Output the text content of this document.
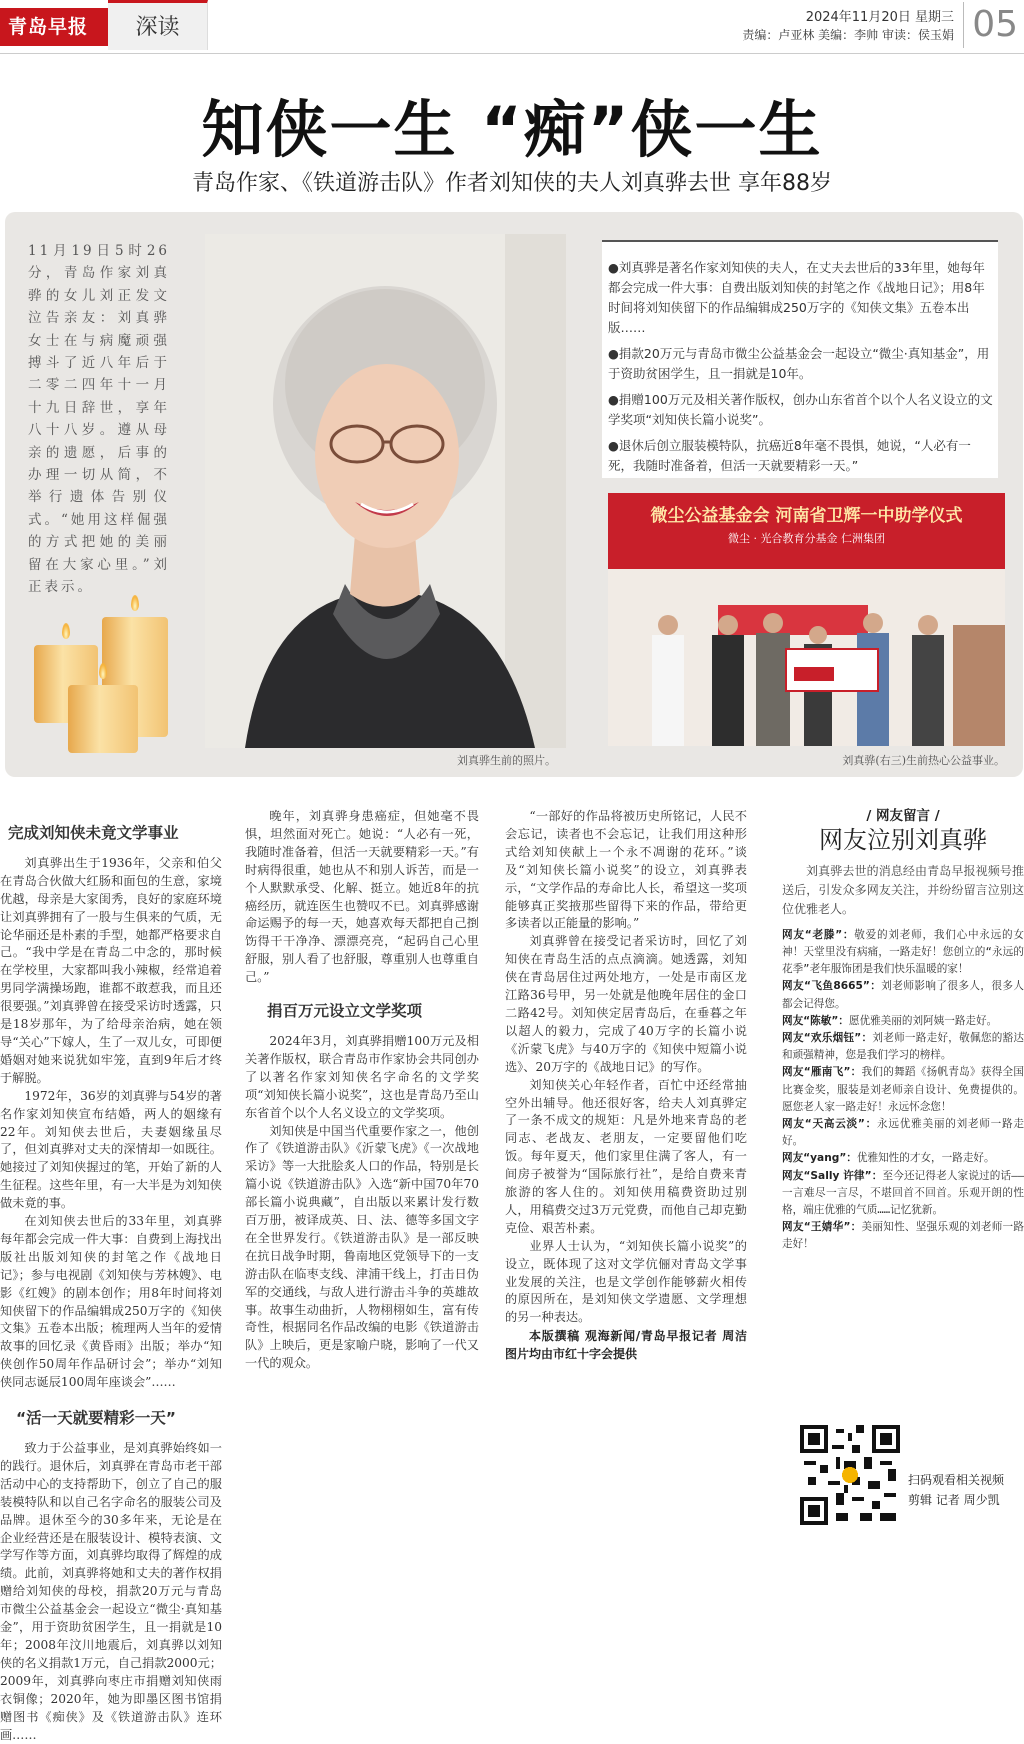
青岛早报	深读	2024年11月20日 星期三
责编：卢亚林 美编：李帅 审读：侯玉娟 05
知侠一生 “痴”侠一生
青岛作家、《铁道游击队》作者刘知侠的夫人刘真骅去世 享年88岁
11月19日5时26分，青岛作家刘真骅的女儿刘正发文泣告亲友：刘真骅女士在与病魔顽强搏斗了近八年后于二零二四年十一月十九日辞世，享年八十八岁。遵从母亲的遗愿，后事的办理一切从简，不举行遗体告别仪式。“她用这样倔强的方式把她的美丽留在大家心里。”刘正表示。
刘真骅生前的照片。
●刘真骅是著名作家刘知侠的夫人，在丈夫去世后的33年里，她每年都会完成一件大事：自费出版刘知侠的封笔之作《战地日记》；用8年时间将刘知侠留下的作品编辑成250万字的《知侠文集》五卷本出版……
●捐款20万元与青岛市微尘公益基金会一起设立“微尘·真知基金”，用于资助贫困学生，且一捐就是10年。
●捐赠100万元及相关著作版权，创办山东省首个以个人名义设立的文学奖项“刘知侠长篇小说奖”。
●退休后创立服装模特队，抗癌近8年毫不畏惧，她说，“人必有一死，我随时准备着，但活一天就要精彩一天。”
微尘公益基金会 河南省卫辉一中助学仪式
微尘 · 光合教育分基金 仁洲集团
刘真骅(右三)生前热心公益事业。
完成刘知侠未竟文学事业

刘真骅出生于1936年，父亲和伯父在青岛合伙做大红肠和面包的生意，家境优越，母亲是大家闺秀，良好的家庭环境让刘真骅拥有了一股与生俱来的气质，无论华丽还是朴素的手型，她都严格要求自己。“我中学是在青岛二中念的，那时候在学校里，大家都叫我小辣椒，经常追着男同学满操场跑，谁都不敢惹我，而且还很要强。”刘真骅曾在接受采访时透露，只是18岁那年，为了给母亲治病，她在领导“关心”下嫁人，生了一双儿女，可即便婚姻对她来说犹如牢笼，直到9年后才终于解脱。

1972年，36岁的刘真骅与54岁的著名作家刘知侠宣布结婚，两人的姻缘有22年。刘知侠去世后，夫妻姻缘虽尽了，但刘真骅对丈夫的深情却一如既往。她接过了刘知侠握过的笔，开始了新的人生征程。这些年里，有一大半是为刘知侠做未竟的事。

在刘知侠去世后的33年里，刘真骅每年都会完成一件大事：自费到上海找出版社出版刘知侠的封笔之作《战地日记》；参与电视剧《刘知侠与芳林嫂》、电影《红嫂》的剧本创作；用8年时间将刘知侠留下的作品编辑成250万字的《知侠文集》五卷本出版；梳理两人当年的爱情故事的回忆录《黄昏雨》出版；举办“知侠创作50周年作品研讨会”；举办“刘知侠同志诞辰100周年座谈会”……

“活一天就要精彩一天”

致力于公益事业，是刘真骅始终如一的践行。退休后，刘真骅在青岛市老干部活动中心的支持帮助下，创立了自己的服装模特队和以自己名字命名的服装公司及品牌。退休至今的30多年来，无论是在企业经营还是在服装设计、模特表演、文学写作等方面，刘真骅均取得了辉煌的成绩。此前，刘真骅将她和丈夫的著作权捐赠给刘知侠的母校，捐款20万元与青岛市微尘公益基金会一起设立“微尘·真知基金”，用于资助贫困学生，且一捐就是10年；2008年汶川地震后，刘真骅以刘知侠的名义捐款1万元，自己捐款2000元；2009年，刘真骅向枣庄市捐赠刘知侠雨衣铜像；2020年，她为即墨区图书馆捐赠图书《痴侠》及《铁道游击队》连环画……

晚年，刘真骅身患癌症，但她毫不畏惧，坦然面对死亡。她说：“人必有一死，我随时准备着，但活一天就要精彩一天。”有时病得很重，她也从不和别人诉苦，而是一个人默默承受、化解、挺立。她近8年的抗癌经历，就连医生也赞叹不已。刘真骅感谢命运赐予的每一天，她喜欢每天都把自己捯饬得干干净净、漂漂亮亮，“起码自己心里舒服，别人看了也舒服，尊重别人也尊重自己。”

捐百万元设立文学奖项

2024年3月，刘真骅捐赠100万元及相关著作版权，联合青岛市作家协会共同创办了以著名作家刘知侠名字命名的文学奖项“刘知侠长篇小说奖”，这也是青岛乃至山东省首个以个人名义设立的文学奖项。

刘知侠是中国当代重要作家之一，他创作了《铁道游击队》《沂蒙飞虎》《一次战地采访》等一大批脍炙人口的作品，特别是长篇小说《铁道游击队》入选“新中国70年70部长篇小说典藏”，自出版以来累计发行数百万册，被译成英、日、法、德等多国文字在全世界发行。《铁道游击队》是一部反映在抗日战争时期，鲁南地区党领导下的一支游击队在临枣支线、津浦干线上，打击日伪军的交通线，与敌人进行游击斗争的英雄故事。故事生动曲折，人物栩栩如生，富有传奇性，根据同名作品改编的电影《铁道游击队》上映后，更是家喻户晓，影响了一代又一代的观众。

“一部好的作品将被历史所铭记，人民不会忘记，读者也不会忘记，让我们用这种形式给刘知侠献上一个永不凋谢的花环。”谈及“刘知侠长篇小说奖”的设立，刘真骅表示，“文学作品的寿命比人长，希望这一奖项能够真正奖掖那些留得下来的作品，带给更多读者以正能量的影响。”

刘真骅曾在接受记者采访时，回忆了刘知侠在青岛生活的点点滴滴。她透露，刘知侠在青岛居住过两处地方，一处是市南区龙江路36号甲，另一处就是他晚年居住的金口二路42号。刘知侠定居青岛后，在垂暮之年以超人的毅力，完成了40万字的长篇小说《沂蒙飞虎》与40万字的《知侠中短篇小说选》、20万字的《战地日记》的写作。

刘知侠关心年轻作者，百忙中还经常抽空外出辅导。他还很好客，给夫人刘真骅定了一条不成文的规矩：凡是外地来青岛的老同志、老战友、老朋友，一定要留他们吃饭。每年夏天，他们家里住满了客人，有一间房子被誉为“国际旅行社”，是给自费来青旅游的客人住的。刘知侠用稿费资助过别人，用稿费交过3万元党费，而他自己却克勤克俭、艰苦朴素。

业界人士认为，“刘知侠长篇小说奖”的设立，既体现了这对文学伉俪对青岛文学事业发展的关注，也是文学创作能够薪火相传的原因所在，是刘知侠文学遗愿、文学理想的另一种表达。

本版撰稿 观海新闻/青岛早报记者 周洁 图片均由市红十字会提供
/ 网友留言 /
网友泣别刘真骅
刘真骅去世的消息经由青岛早报视频号推送后，引发众多网友关注，并纷纷留言泣别这位优雅老人。
网友“老滕”：敬爱的刘老师，我们心中永远的女神！天堂里没有病痛，一路走好！您创立的“永远的花季”老年服饰团是我们快乐温暖的家！
网友“飞鱼8665”：刘老师影响了很多人，很多人都会记得您。
网友“陈敏”：愿优雅美丽的刘阿姨一路走好。
网友“欢乐烟钰”：刘老师一路走好，敬佩您的豁达和顽强精神，您是我们学习的榜样。
网友“雁南飞”：我们的舞蹈《扬帆青岛》获得全国比赛金奖，服装是刘老师亲自设计、免费提供的。愿您老人家一路走好！永远怀念您！
网友“天高云淡”：永远优雅美丽的刘老师一路走好。
网友“yang”：优雅知性的才女，一路走好。
网友“Sally 许律”：至今还记得老人家说过的话——一言难尽一言尽，不堪回首不回首。乐观开朗的性格，端庄优雅的气质……记忆犹新。
网友“王婧华”：美丽知性、坚强乐观的刘老师一路走好！
扫码观看相关视频
剪辑 记者 周少凯
